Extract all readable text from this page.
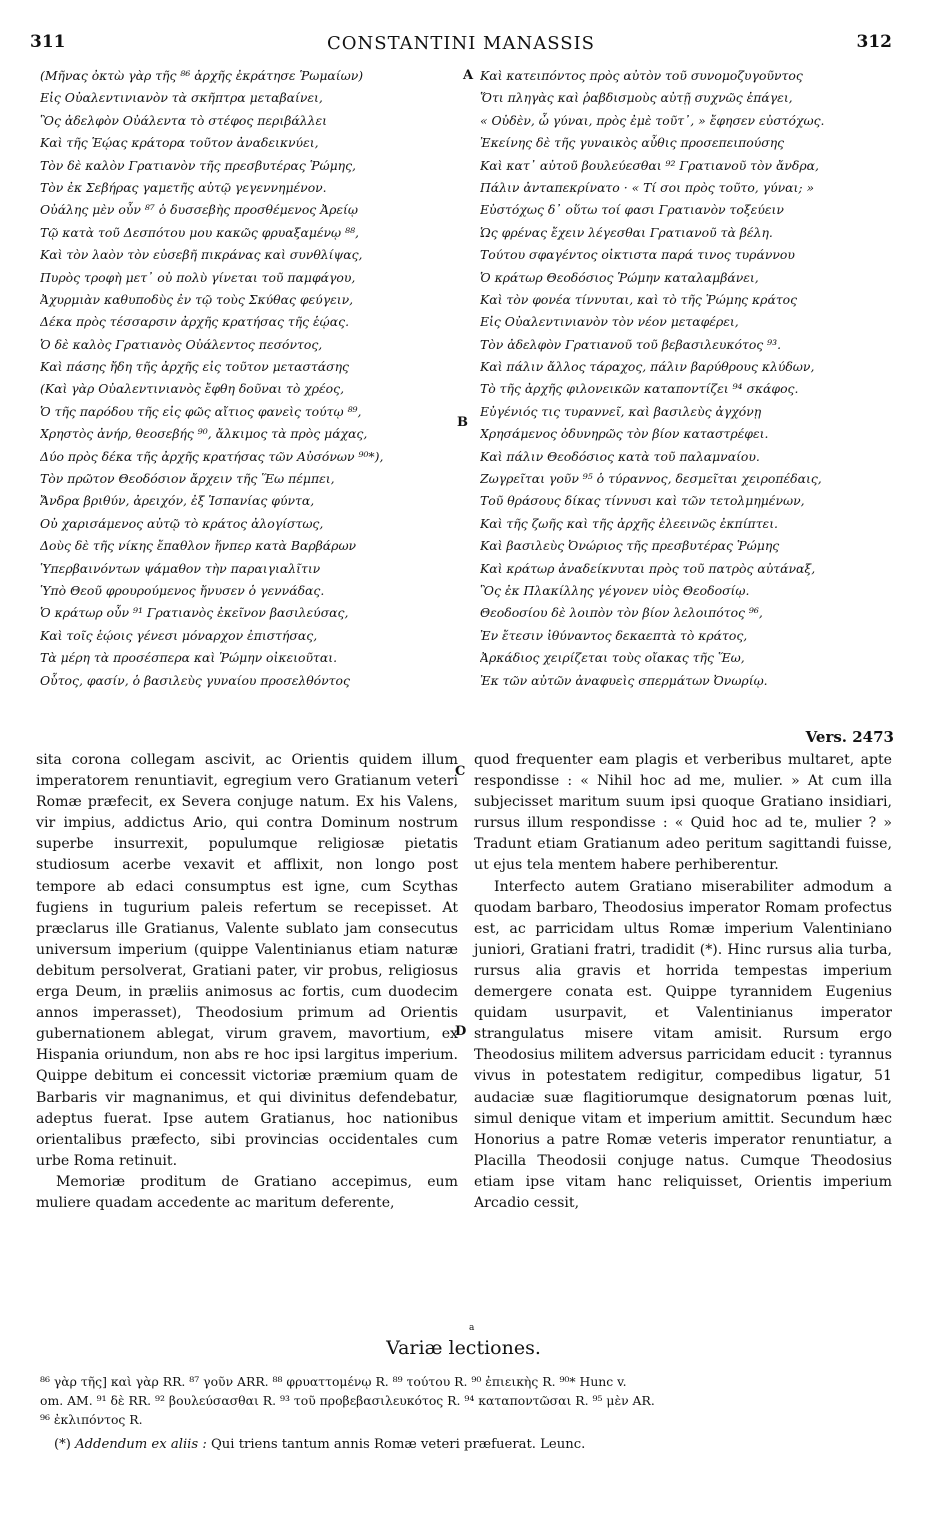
311	CONSTANTINI MANASSIS	312
(Μῆνας ὀκτὼ γὰρ τῆς ⁸⁶ ἀρχῆς ἐκράτησε Ῥωμαίων)
Εἰς Οὐαλεντινιανὸν τὰ σκῆπτρα μεταβαίνει,
Ὃς ἀδελφὸν Οὐάλεντα τὸ στέφος περιβάλλει
Καὶ τῆς Ἑῴας κράτορα τοῦτον ἀναδεικνύει,
Τὸν δὲ καλὸν Γρατιανὸν τῆς πρεσβυτέρας Ῥώμης,
Τὸν ἐκ Σεβήρας γαμετῆς αὐτῷ γεγεννημένον.
Οὐάλης μὲν οὖν ⁸⁷ ὁ δυσσεβὴς προσθέμενος Ἀρείῳ
Τῷ κατὰ τοῦ Δεσπότου μου κακῶς φρυαξαμένῳ ⁸⁸,
Καὶ τὸν λαὸν τὸν εὐσεβῆ πικράνας καὶ συνθλίψας,
Πυρὸς τροφὴ μετ᾽ οὐ πολὺ γίνεται τοῦ παμφάγου,
Ἀχυρμιὰν καθυποδὺς ἐν τῷ τοὺς Σκύθας φεύγειν,
Δέκα πρὸς τέσσαρσιν ἀρχῆς κρατήσας τῆς ἑῴας.
Ὁ δὲ καλὸς Γρατιανὸς Οὐάλεντος πεσόντος,
Καὶ πάσης ἤδη τῆς ἀρχῆς εἰς τοῦτον μεταστάσης
(Καὶ γὰρ Οὐαλεντινιανὸς ἔφθη δοῦναι τὸ χρέος,
Ὁ τῆς παρόδου τῆς εἰς φῶς αἴτιος φανεὶς τούτῳ ⁸⁹,
Χρηστὸς ἀνήρ, θεοσεβής ⁹⁰, ἄλκιμος τὰ πρὸς μάχας,
Δύο πρὸς δέκα τῆς ἀρχῆς κρατήσας τῶν Αὐσόνων ⁹⁰*),
Τὸν πρῶτον Θεοδόσιον ἄρχειν τῆς Ἕω πέμπει,
Ἄνδρα βριθύν, ἀρειχόν, ἐξ Ἱσπανίας φύντα,
Οὐ χαρισάμενος αὐτῷ τὸ κράτος ἀλογίστως,
Δοὺς δὲ τῆς νίκης ἔπαθλον ἥνπερ κατὰ Βαρβάρων
Ὑπερβαινόντων ψάμαθον τὴν παραιγιαλῖτιν
Ὑπὸ Θεοῦ φρουρούμενος ἤνυσεν ὁ γεννάδας.
Ὁ κράτωρ οὖν ⁹¹ Γρατιανὸς ἐκεῖνον βασιλεύσας,
Καὶ τοῖς ἑῴοις γένεσι μόναρχον ἐπιστήσας,
Τὰ μέρη τὰ προσέσπερα καὶ Ῥώμην οἰκειοῦται.
Οὗτος, φασίν, ὁ βασιλεὺς γυναίου προσελθόντος
Καὶ κατειπόντος πρὸς αὐτὸν τοῦ συνομοζυγοῦντος
Ὅτι πληγὰς καὶ ῥαβδισμοὺς αὐτῇ συχνῶς ἐπάγει,
« Οὐδὲν, ὦ γύναι, πρὸς ἐμὲ τοῦτ᾽, » ἔφησεν εὐστόχως.
Ἐκείνης δὲ τῆς γυναικὸς αὖθις προσεπειπούσης
Καὶ κατ᾽ αὐτοῦ βουλεύεσθαι ⁹² Γρατιανοῦ τὸν ἄνδρα,
Πάλιν ἀνταπεκρίνατο · « Τί σοι πρὸς τοῦτο, γύναι; »
Εὐστόχως δ᾽ οὕτω τοί φασι Γρατιανὸν τοξεύειν
Ὡς φρένας ἔχειν λέγεσθαι Γρατιανοῦ τὰ βέλη.
Τούτου σφαγέντος οἰκτιστα παρά τινος τυράννου
Ὁ κράτωρ Θεοδόσιος Ῥώμην καταλαμβάνει,
Καὶ τὸν φονέα τίννυται, καὶ τὸ τῆς Ῥώμης κράτος
Εἰς Οὐαλεντινιανὸν τὸν νέον μεταφέρει,
Τὸν ἀδελφὸν Γρατιανοῦ τοῦ βεβασιλευκότος ⁹³.
Καὶ πάλιν ἄλλος τάραχος, πάλιν βαρύθρους κλύδων,
Τὸ τῆς ἀρχῆς φιλονεικῶν καταποντίζει ⁹⁴ σκάφος.
Εὐγένιός τις τυραννεῖ, καὶ βασιλεὺς ἀγχόνῃ
Χρησάμενος ὀδυνηρῶς τὸν βίον καταστρέφει.
Καὶ πάλιν Θεοδόσιος κατὰ τοῦ παλαμναίου.
Ζωγρεῖται γοῦν ⁹⁵ ὁ τύραννος, δεσμεῖται χειροπέδαις,
Τοῦ θράσους δίκας τίννυσι καὶ τῶν τετολμημένων,
Καὶ τῆς ζωῆς καὶ τῆς ἀρχῆς ἐλεεινῶς ἐκπίπτει.
Καὶ βασιλεὺς Ὀνώριος τῆς πρεσβυτέρας Ῥώμης
Καὶ κράτωρ ἀναδείκνυται πρὸς τοῦ πατρὸς αὐτάναξ,
Ὃς ἐκ Πλακίλλης γέγονεν υἱὸς Θεοδοσίῳ.
Θεοδοσίου δὲ λοιπὸν τὸν βίον λελοιπότος ⁹⁶,
Ἐν ἔτεσιν ἰθύναντος δεκαεπτὰ τὸ κράτος,
Ἀρκάδιος χειρίζεται τοὺς οἴακας τῆς Ἕω,
Ἐκ τῶν αὐτῶν ἀναφυεὶς σπερμάτων Ὀνωρίῳ.
A
B
C
D
Vers. 2473

sita corona collegam ascivit, ac Orientis quidem illum imperatorem renuntiavit, egregium vero Gratianum veteri Romæ præfecit, ex Severa conjuge natum. Ex his Valens, vir impius, addictus Ario, qui contra Dominum nostrum superbe insurrexit, populumque religiosæ pietatis studiosum acerbe vexavit et afflixit, non longo post tempore ab edaci consumptus est igne, cum Scythas fugiens in tugurium paleis refertum se recepisset. At præclarus ille Gratianus, Valente sublato jam consecutus universum imperium (quippe Valentinianus etiam naturæ debitum persolverat, Gratiani pater, vir probus, religiosus erga Deum, in præliis animosus ac fortis, cum duodecim annos imperasset), Theodosium primum ad Orientis gubernationem ablegat, virum gravem, mavortium, ex Hispania oriundum, non abs re hoc ipsi largitus imperium. Quippe debitum ei concessit victoriæ præmium quam de Barbaris vir magnanimus, et qui divinitus defendebatur, adeptus fuerat. Ipse autem Gratianus, hoc nationibus orientalibus præfecto, sibi provincias occidentales cum urbe Roma retinuit.

Memoriæ proditum de Gratiano accepimus, eum muliere quadam accedente ac maritum deferente,

quod frequenter eam plagis et verberibus multaret, apte respondisse : « Nihil hoc ad me, mulier. » At cum illa subjecisset maritum suum ipsi quoque Gratiano insidiari, rursus illum respondisse : « Quid hoc ad te, mulier ? » Tradunt etiam Gratianum adeo peritum sagittandi fuisse, ut ejus tela mentem habere perhiberentur.

Interfecto autem Gratiano miserabiliter admodum a quodam barbaro, Theodosius imperator Romam profectus est, ac parricidam ultus Romæ imperium Valentiniano juniori, Gratiani fratri, tradidit (*). Hinc rursus alia turba, rursus alia gravis et horrida tempestas imperium demergere conata est. Quippe tyrannidem Eugenius quidam usurpavit, et Valentinianus imperator strangulatus misere vitam amisit. Rursum ergo Theodosius militem adversus parricidam educit : tyrannus vivus in potestatem redigitur, compedibus ligatur, 51 audaciæ suæ flagitiorumque designatorum pœnas luit, simul denique vitam et imperium amittit. Secundum hæc Honorius a patre Romæ veteris imperator renuntiatur, a Placilla Theodosii conjuge natus. Cumque Theodosius etiam ipse vitam hanc reliquisset, Orientis imperium Arcadio cessit,

a
Variæ lectiones.
⁸⁶ γὰρ τῆς] καὶ γὰρ RR. ⁸⁷ γοῦν ARR. ⁸⁸ φρυαττομένῳ R. ⁸⁹ τούτου R. ⁹⁰ ἐπιεικὴς R. ⁹⁰* Hunc v.
om. AM. ⁹¹ δὲ RR. ⁹² βουλεύσασθαι R. ⁹³ τοῦ προβεβασιλευκότος R. ⁹⁴ καταποντῶσαι R. ⁹⁵ μὲν AR.
⁹⁶ ἐκλιπόντος R.
(*) Addendum ex aliis : Qui triens tantum annis Romæ veteri præfuerat. Leunc.
